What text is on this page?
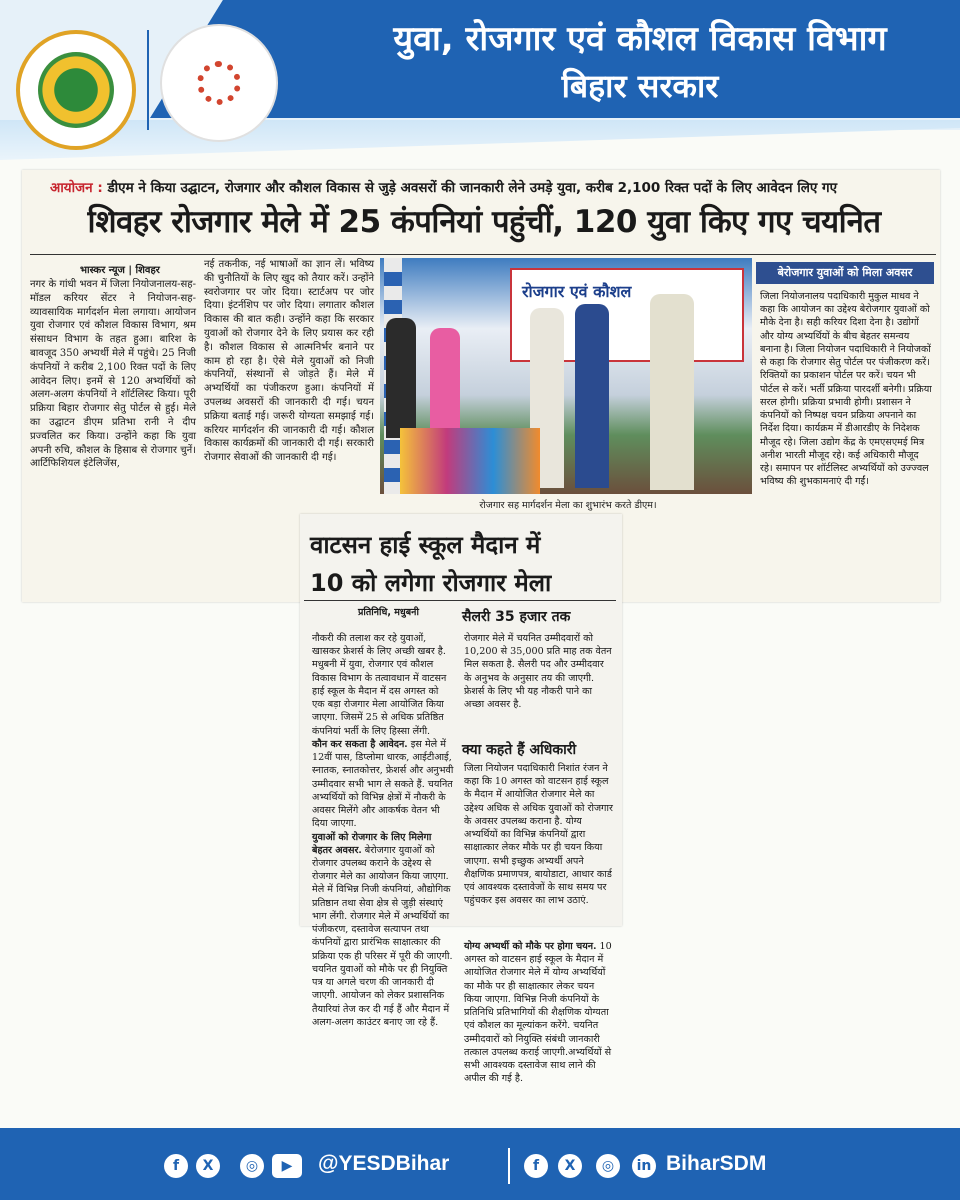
युवा, रोजगार एवं कौशल विकास विभाग
बिहार सरकार
आयोजन : डीएम ने किया उद्घाटन, रोजगार और कौशल विकास से जुड़े अवसरों की जानकारी लेने उमड़े युवा, करीब 2,100 रिक्त पदों के लिए आवेदन लिए गए
शिवहर रोजगार मेले में 25 कंपनियां पहुंचीं, 120 युवा किए गए चयनित
भास्कर न्यूज | शिवहर
नगर के गांधी भवन में जिला नियोजनालय-सह-मॉडल करियर सेंटर ने नियोजन-सह-व्यावसायिक मार्गदर्शन मेला लगाया। आयोजन युवा रोजगार एवं कौशल विकास विभाग, श्रम संसाधन विभाग के तहत हुआ। बारिश के बावजूद 350 अभ्यर्थी मेले में पहुंचे। 25 निजी कंपनियों ने करीब 2,100 रिक्त पदों के लिए आवेदन लिए। इनमें से 120 अभ्यर्थियों को अलग-अलग कंपनियों ने शॉर्टलिस्ट किया। पूरी प्रक्रिया बिहार रोजगार सेतु पोर्टल से हुई। मेले का उद्घाटन डीएम प्रतिभा रानी ने दीप प्रज्वलित कर किया। उन्होंने कहा कि युवा अपनी रुचि, कौशल के हिसाब से रोजगार चुनें। आर्टिफिशियल इंटेलिजेंस,
नई तकनीक, नई भाषाओं का ज्ञान लें। भविष्य की चुनौतियों के लिए खुद को तैयार करें। उन्होंने स्वरोजगार पर जोर दिया। स्टार्टअप पर जोर दिया। इंटर्नशिप पर जोर दिया। लगातार कौशल विकास की बात कही। उन्होंने कहा कि सरकार युवाओं को रोजगार देने के लिए प्रयास कर रही है। कौशल विकास से आत्मनिर्भर बनाने पर काम हो रहा है। ऐसे मेले युवाओं को निजी कंपनियों, संस्थानों से जोड़ते हैं। मेले में अभ्यर्थियों का पंजीकरण हुआ। कंपनियों में उपलब्ध अवसरों की जानकारी दी गई। चयन प्रक्रिया बताई गई। जरूरी योग्यता समझाई गई। करियर मार्गदर्शन की जानकारी दी गई। कौशल विकास कार्यक्रमों की जानकारी दी गई। सरकारी रोजगार सेवाओं की जानकारी दी गई।
रोजगार एवं कौशल
रोजगार सह मार्गदर्शन मेला का शुभारंभ करते डीएम।
बेरोजगार युवाओं को मिला अवसर
जिला नियोजनालय पदाधिकारी मुकुल माधव ने कहा कि आयोजन का उद्देश्य बेरोजगार युवाओं को मौके देना है। सही करियर दिशा देना है। उद्योगों और योग्य अभ्यर्थियों के बीच बेहतर समन्वय बनाना है। जिला नियोजन पदाधिकारी ने नियोजकों से कहा कि रोजगार सेतु पोर्टल पर पंजीकरण करें। रिक्तियों का प्रकाशन पोर्टल पर करें। चयन भी पोर्टल से करें। भर्ती प्रक्रिया पारदर्शी बनेगी। प्रक्रिया सरल होगी। प्रक्रिया प्रभावी होगी। प्रशासन ने कंपनियों को निष्पक्ष चयन प्रक्रिया अपनाने का निर्देश दिया। कार्यक्रम में डीआरडीए के निदेशक मौजूद रहे। जिला उद्योग केंद्र के एमएसएमई मित्र अनीश भारती मौजूद रहे। कई अधिकारी मौजूद रहे। समापन पर शॉर्टलिस्ट अभ्यर्थियों को उज्ज्वल भविष्य की शुभकामनाएं दी गईं।
वाटसन हाई स्कूल मैदान में
10 को लगेगा रोजगार मेला
प्रतिनिधि, मधुबनी	सैलरी 35 हजार तक
नौकरी की तलाश कर रहे युवाओं, खासकर फ्रेशर्स के लिए अच्छी खबर है. मधुबनी में युवा, रोजगार एवं कौशल विकास विभाग के तत्वावधान में वाटसन हाई स्कूल के मैदान में दस अगस्त को एक बड़ा रोजगार मेला आयोजित किया जाएगा. जिसमें 25 से अधिक प्रतिष्ठित कंपनियां भर्ती के लिए हिस्सा लेंगी.
कौन कर सकता है आवेदन. इस मेले में 12वीं पास, डिप्लोमा धारक, आईटीआई, स्नातक, स्नातकोत्तर, फ्रेशर्स और अनुभवी उम्मीदवार सभी भाग ले सकते हैं. चयनित अभ्यर्थियों को विभिन्न क्षेत्रों में नौकरी के अवसर मिलेंगे और आकर्षक वेतन भी दिया जाएगा.
युवाओं को रोजगार के लिए मिलेगा बेहतर अवसर. बेरोजगार युवाओं को रोजगार उपलब्ध कराने के उद्देश्य से रोजगार मेले का आयोजन किया जाएगा. मेले में विभिन्न निजी कंपनियां, औद्योगिक प्रतिष्ठान तथा सेवा क्षेत्र से जुड़ी संस्थाएं भाग लेंगी. रोजगार मेले में अभ्यर्थियों का पंजीकरण, दस्तावेज सत्यापन तथा कंपनियों द्वारा प्रारंभिक साक्षात्कार की प्रक्रिया एक ही परिसर में पूरी की जाएगी. चयनित युवाओं को मौके पर ही नियुक्ति पत्र या अगले चरण की जानकारी दी जाएगी. आयोजन को लेकर प्रशासनिक तैयारियां तेज कर दी गई हैं और मैदान में अलग-अलग काउंटर बनाए जा रहे हैं.
रोजगार मेले में चयनित उम्मीदवारों को 10,200 से 35,000 प्रति माह तक वेतन मिल सकता है. सैलरी पद और उम्मीदवार के अनुभव के अनुसार तय की जाएगी. फ्रेशर्स के लिए भी यह नौकरी पाने का अच्छा अवसर है.
क्या कहते हैं अधिकारी
जिला नियोजन पदाधिकारी निशांत रंजन ने कहा कि 10 अगस्त को वाटसन हाई स्कूल के मैदान में आयोजित रोजगार मेले का उद्देश्य अधिक से अधिक युवाओं को रोजगार के अवसर उपलब्ध कराना है. योग्य अभ्यर्थियों का विभिन्न कंपनियों द्वारा साक्षात्कार लेकर मौके पर ही चयन किया जाएगा. सभी इच्छुक अभ्यर्थी अपने शैक्षणिक प्रमाणपत्र, बायोडाटा, आधार कार्ड एवं आवश्यक दस्तावेजों के साथ समय पर पहुंचकर इस अवसर का लाभ उठाएं.
योग्य अभ्यर्थी को मौके पर होगा चयन. 10 अगस्त को वाटसन हाई स्कूल के मैदान में आयोजित रोजगार मेले में योग्य अभ्यर्थियों का मौके पर ही साक्षात्कार लेकर चयन किया जाएगा. विभिन्न निजी कंपनियों के प्रतिनिधि प्रतिभागियों की शैक्षणिक योग्यता एवं कौशल का मूल्यांकन करेंगे. चयनित उम्मीदवारों को नियुक्ति संबंधी जानकारी तत्काल उपलब्ध कराई जाएगी.अभ्यर्थियों से सभी आवश्यक दस्तावेज साथ लाने की अपील की गई है.
f	X	◎	▶	@YESDBihar	f	X	◎	in BiharSDM
